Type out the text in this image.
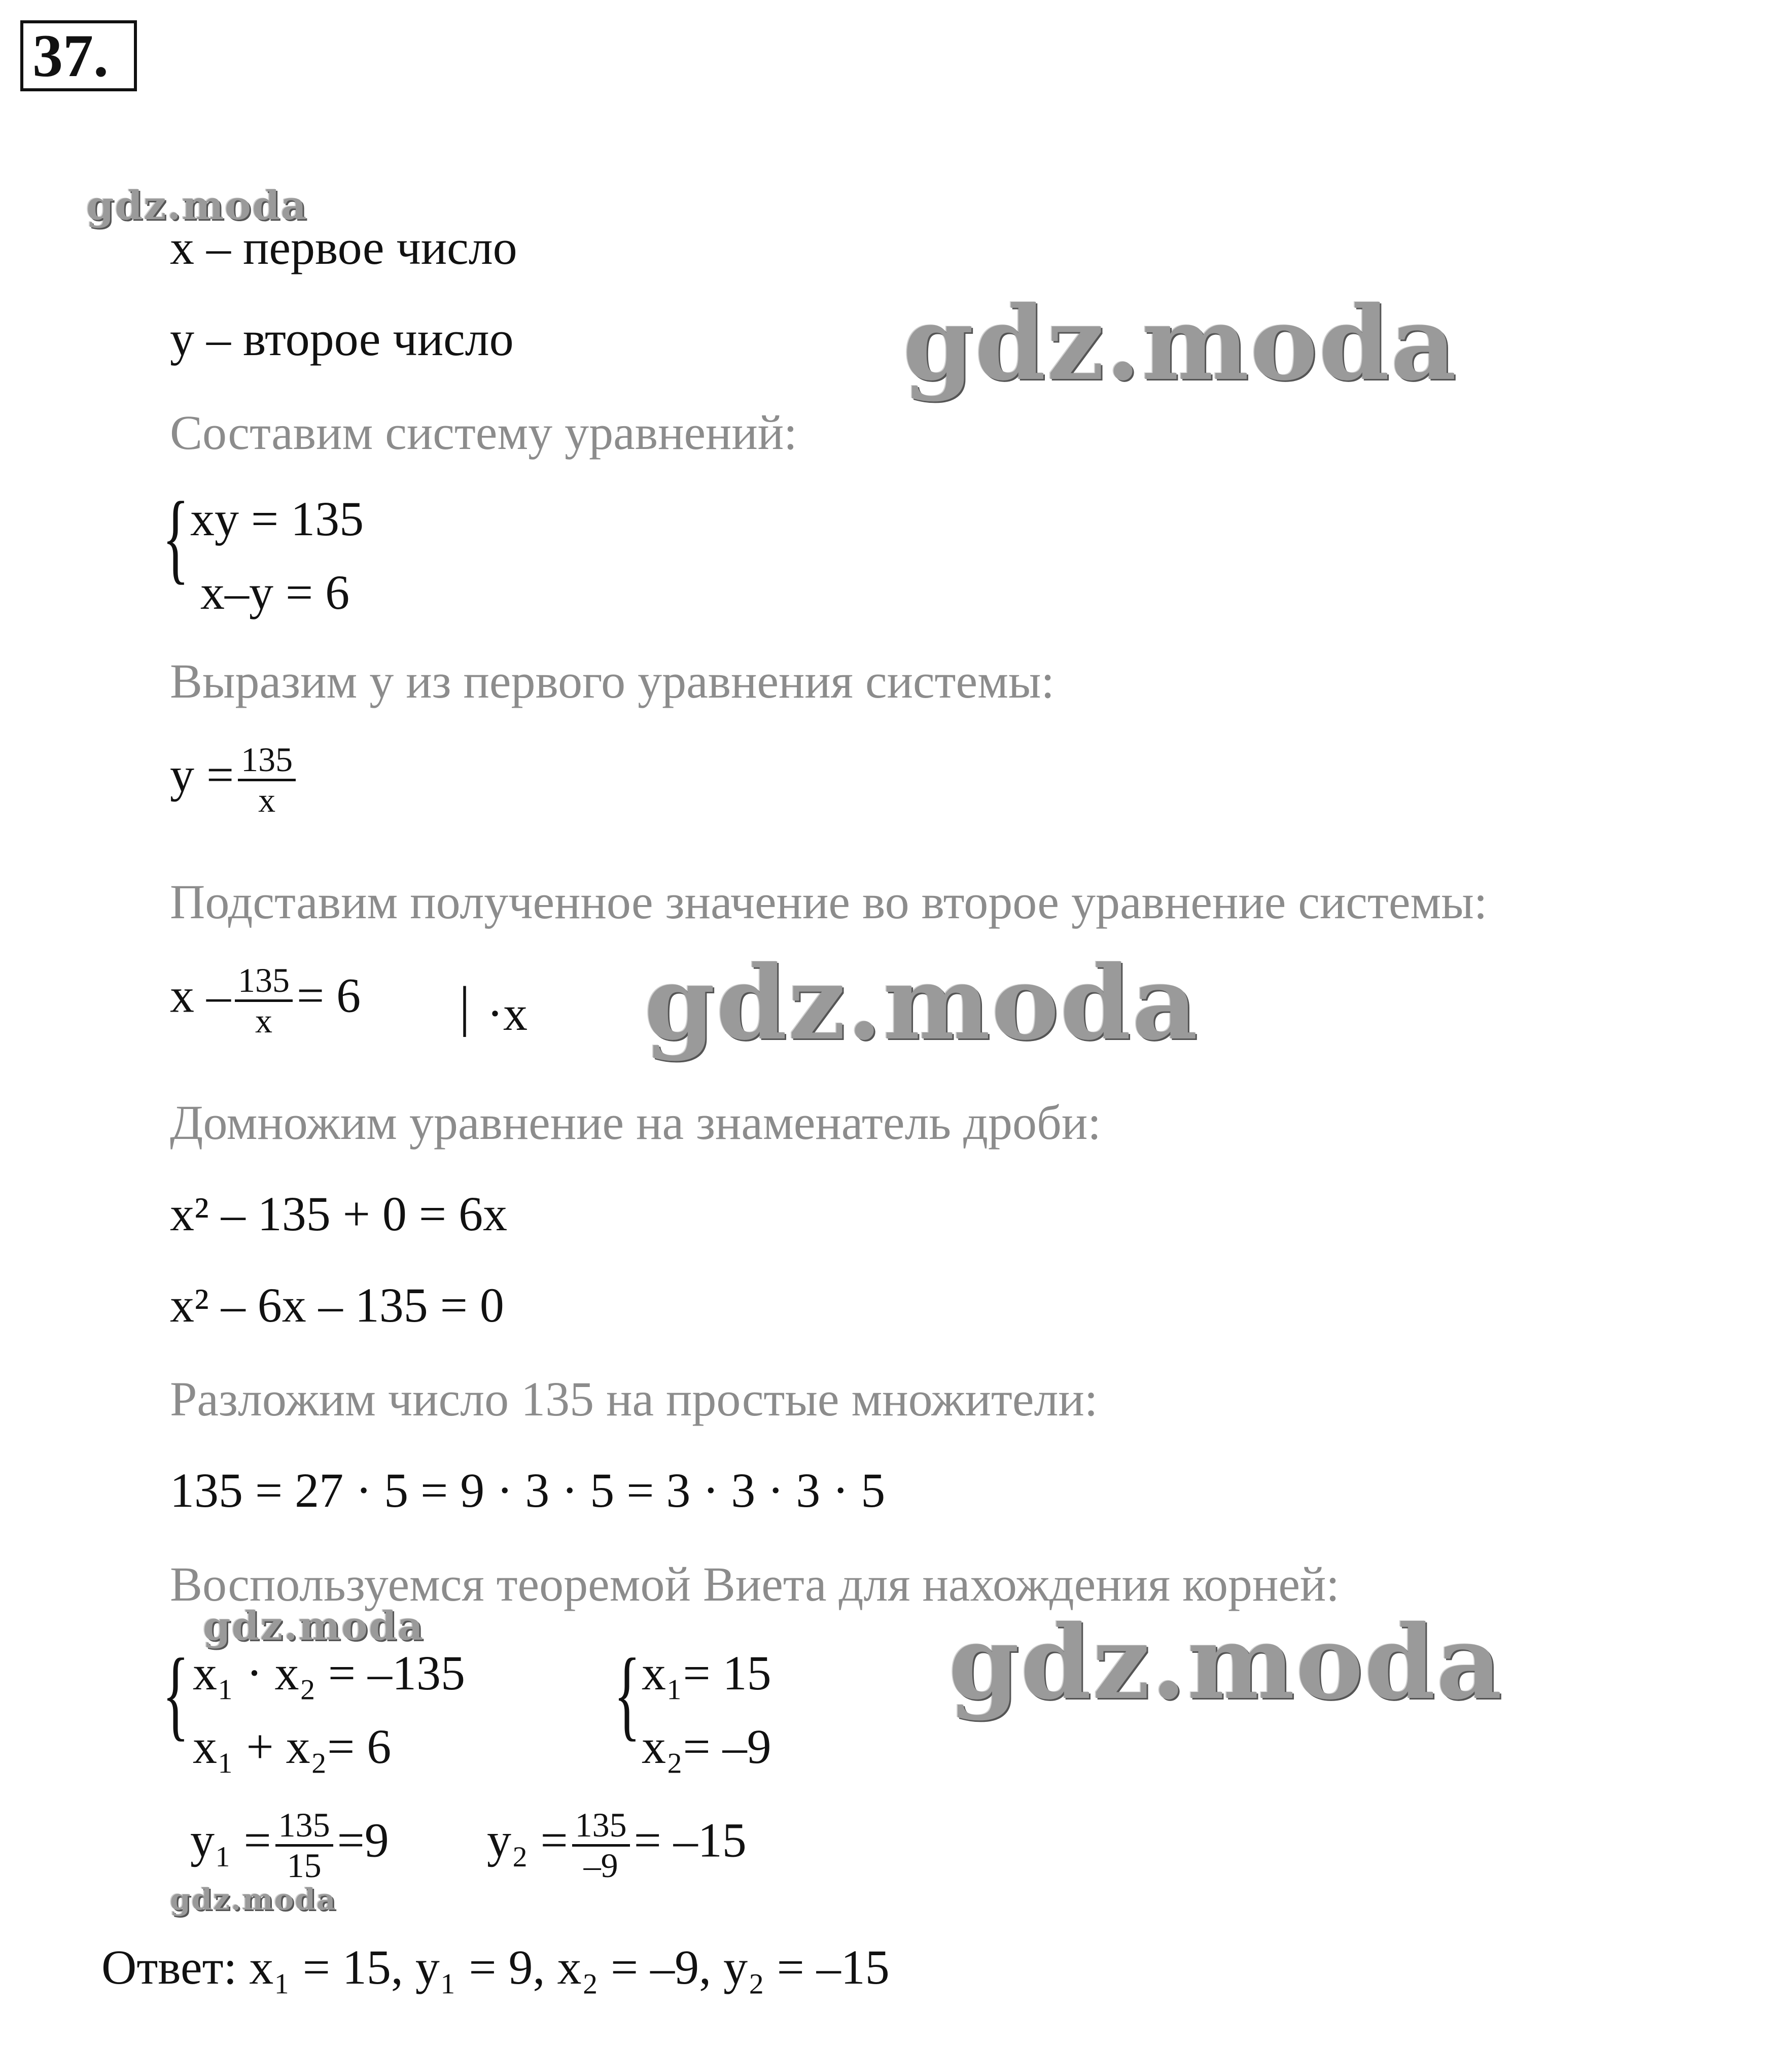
37.
gdz.moda
gdz.moda
gdz.moda
gdz.moda	gdz.moda
gdz.moda
x – первое число
y – второе число
Составим систему уравнений:
{ xy = 135
x–y = 6
Выразим y из первого уравнения системы:
$y = \frac{135}{x}$
Подставим полученное значение во второе уравнение системы:
$x - \frac{135}{x} = 6$ | ·x
Домножим уравнение на знаменатель дроби:
x² – 135 + 0 = 6x
x² – 6x – 135 = 0
Разложим число 135 на простые множители:
135 = 27 · 5 = 9 · 3 · 5 = 3 · 3 · 3 · 5
Воспользуемся теоремой Виета для нахождения корней:
{ x₁ · x₂ = –135
x₁ + x₂= 6 { x₁= 15
x₂= –9
$y_1 = \frac{135}{15} =9$ $y_2 = \frac{135}{-9} = -15$
Ответ: x₁ = 15, y₁ = 9, x₂ = –9, y₂ = –15
